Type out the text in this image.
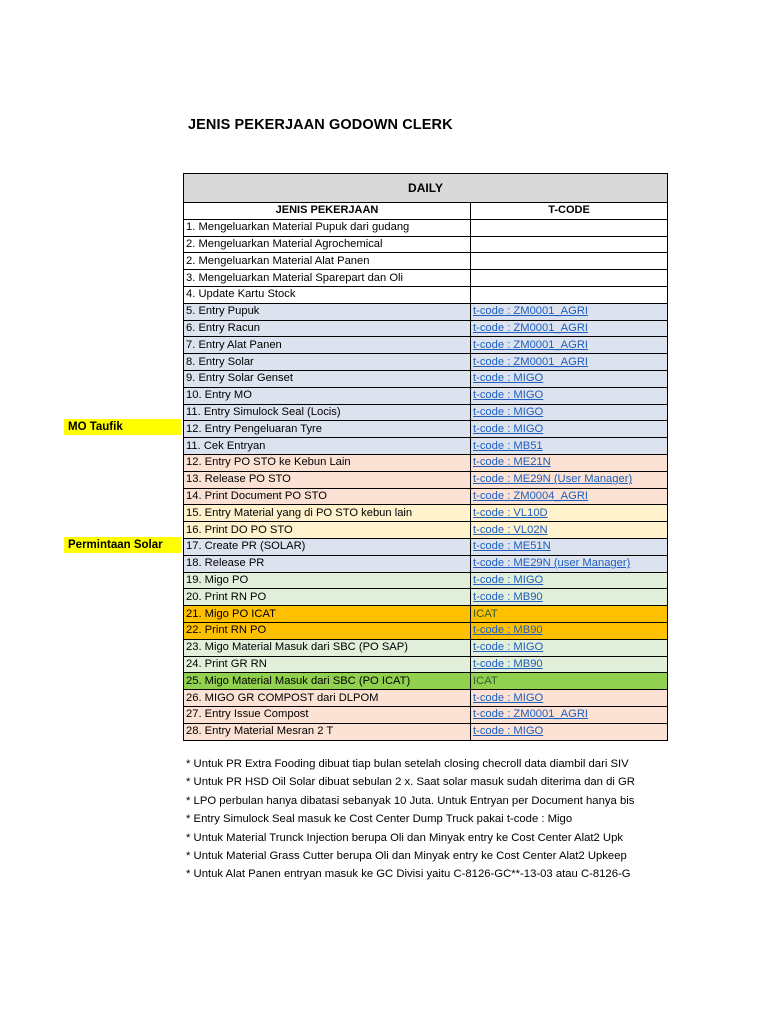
JENIS PEKERJAAN GODOWN CLERK
MO Taufik
Permintaan Solar
DAILY	
JENIS PEKERJAAN	T-CODE
1. Mengeluarkan Material Pupuk dari gudang	
2. Mengeluarkan Material Agrochemical	
2. Mengeluarkan Material Alat Panen	
3. Mengeluarkan Material Sparepart dan Oli	
4. Update Kartu Stock	
5. Entry Pupuk	t-code : ZM0001_AGRI
6. Entry Racun	t-code : ZM0001_AGRI
7. Entry Alat Panen	t-code : ZM0001_AGRI
8. Entry Solar	t-code : ZM0001_AGRI
9. Entry Solar Genset	t-code : MIGO
10. Entry MO	t-code : MIGO
11. Entry Simulock Seal (Locis)	t-code : MIGO
12. Entry Pengeluaran Tyre	t-code : MIGO
11. Cek Entryan	t-code : MB51
12. Entry PO STO ke Kebun Lain	t-code : ME21N
13. Release PO STO	t-code : ME29N (User Manager)
14. Print Document PO STO	t-code : ZM0004_AGRI
15. Entry Material yang di PO STO kebun lain	t-code : VL10D
16. Print DO PO STO	t-code : VL02N
17. Create PR (SOLAR)	t-code : ME51N
18. Release PR	t-code : ME29N (user Manager)
19. Migo PO	t-code : MIGO
20. Print RN PO	t-code : MB90
21. Migo PO ICAT	ICAT
22. Print RN PO	t-code : MB90
23. Migo Material Masuk dari SBC (PO SAP)	t-code : MIGO
24. Print GR RN	t-code : MB90
25. Migo Material Masuk dari SBC (PO ICAT)	ICAT
26. MIGO GR COMPOST dari DLPOM	t-code : MIGO
27. Entry Issue Compost	t-code : ZM0001_AGRI
28. Entry Material Mesran 2 T	t-code : MIGO
* Untuk PR Extra Fooding dibuat tiap bulan setelah closing checroll data diambil dari SIV
* Untuk PR HSD Oil Solar dibuat sebulan 2 x. Saat solar masuk sudah diterima dan di GR
* LPO perbulan hanya dibatasi sebanyak 10 Juta. Untuk Entryan per Document hanya bis
* Entry Simulock Seal masuk ke Cost Center Dump Truck pakai t-code : Migo
* Untuk Material Trunck Injection berupa Oli dan Minyak entry ke Cost Center Alat2 Upk
* Untuk Material Grass Cutter berupa Oli dan Minyak entry ke Cost Center Alat2 Upkeep
* Untuk Alat Panen entryan masuk ke GC Divisi yaitu C-8126-GC**-13-03 atau C-8126-G
